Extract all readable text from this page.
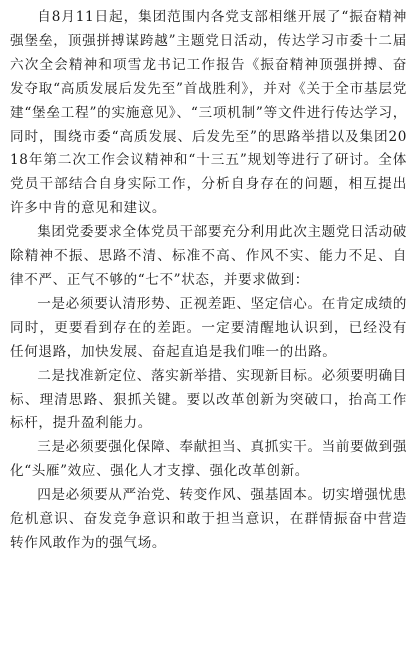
自8月11日起，集团范围内各党支部相继开展了“振奋精神强堡垒，顶强拼搏谋跨越”主题党日活动，传达学习市委十二届六次全会精神和项雪龙书记工作报告《振奋精神顶强拼搏、奋发夺取“高质发展后发先至”首战胜利》，并对《关于全市基层党建“堡垒工程”的实施意见》、“三项机制”等文件进行传达学习，同时，围绕市委“高质发展、后发先至”的思路举措以及集团2018年第二次工作会议精神和“十三五”规划等进行了研讨。全体党员干部结合自身实际工作，分析自身存在的问题，相互提出许多中肯的意见和建议。

集团党委要求全体党员干部要充分利用此次主题党日活动破除精神不振、思路不清、标准不高、作风不实、能力不足、自律不严、正气不够的“七不”状态，并要求做到：

一是必须要认清形势、正视差距、坚定信心。在肯定成绩的同时，更要看到存在的差距。一定要清醒地认识到，已经没有任何退路，加快发展、奋起直追是我们唯一的出路。

二是找准新定位、落实新举措、实现新目标。必须要明确目标、理清思路、狠抓关键。要以改革创新为突破口，抬高工作标杆，提升盈利能力。

三是必须要强化保障、奉献担当、真抓实干。当前要做到强化“头雁”效应、强化人才支撑、强化改革创新。

四是必须要从严治党、转变作风、强基固本。切实增强忧患危机意识、奋发竞争意识和敢于担当意识，在群情振奋中营造转作风敢作为的强气场。
